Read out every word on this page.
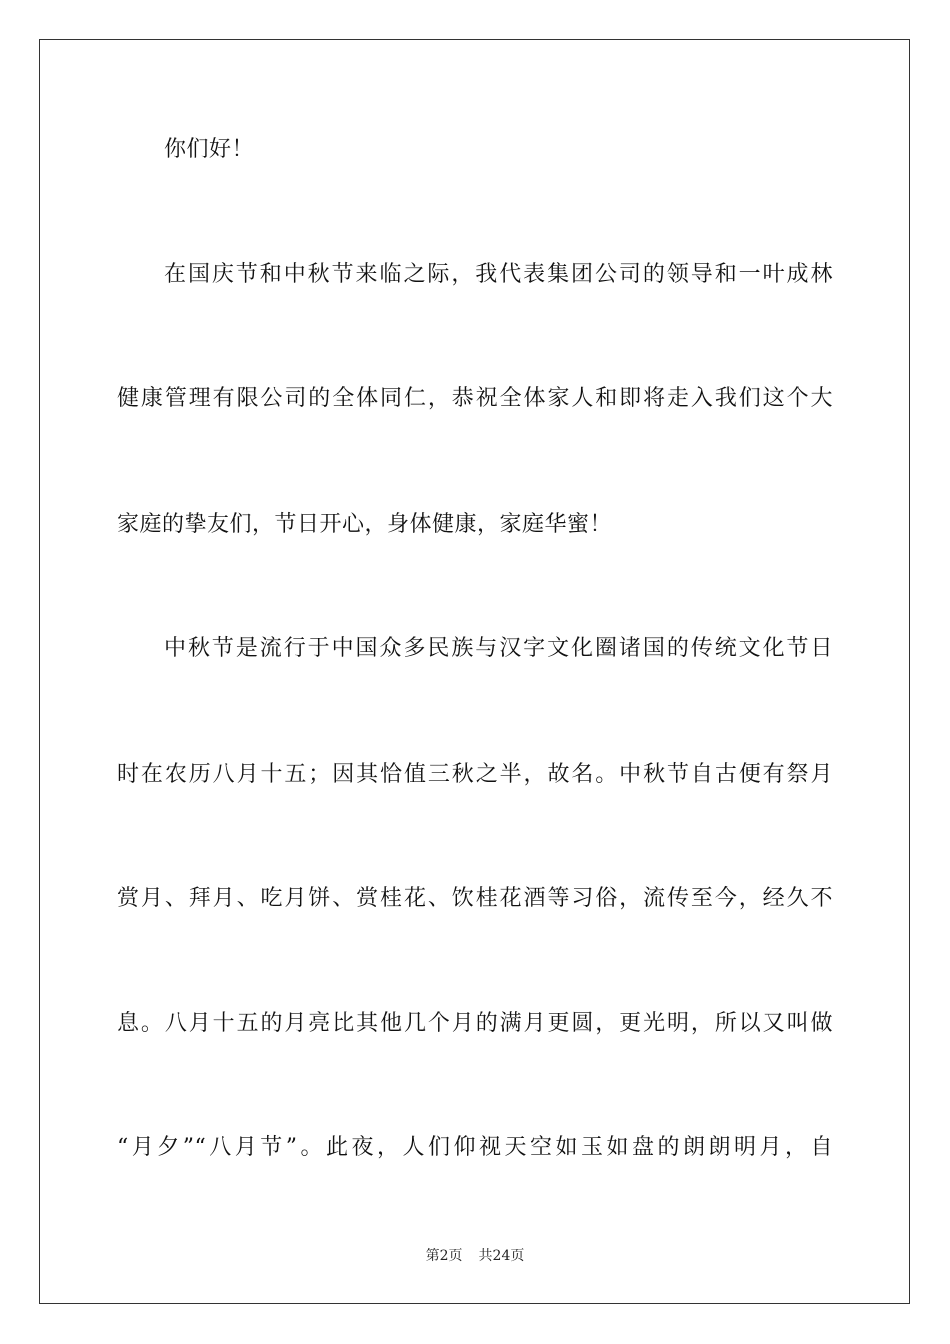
你们好！
在国庆节和中秋节来临之际，我代表集团公司的领导和一叶成林
健康管理有限公司的全体同仁，恭祝全体家人和即将走入我们这个大
家庭的挚友们，节日开心，身体健康，家庭华蜜！
中秋节是流行于中国众多民族与汉字文化圈诸国的传统文化节日
时在农历八月十五；因其恰值三秋之半，故名。中秋节自古便有祭月
赏月、拜月、吃月饼、赏桂花、饮桂花酒等习俗，流传至今，经久不
息。八月十五的月亮比其他几个月的满月更圆，更光明，所以又叫做
“月夕”“八月节”。此夜，人们仰视天空如玉如盘的朗朗明月，自
第2页 共24页
